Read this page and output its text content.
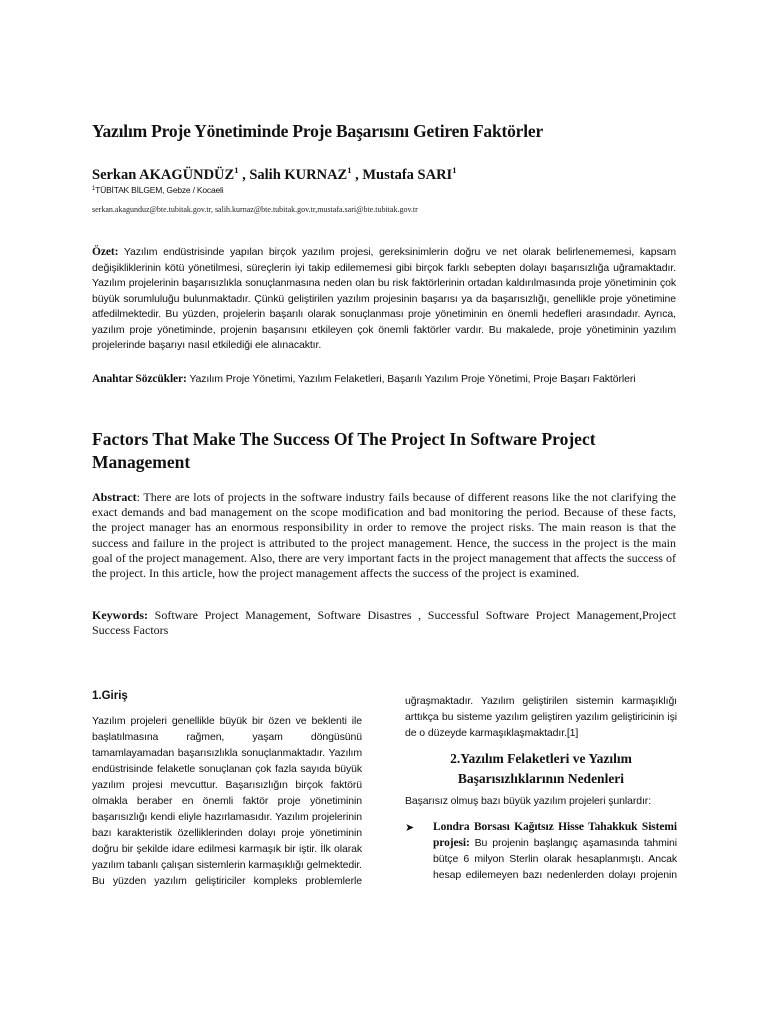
Yazılım Proje Yönetiminde Proje Başarısını Getiren Faktörler
Serkan AKAGÜNDÜZ$^1$ , Salih KURNAZ$^1$ , Mustafa SARI$^1$
$^1$TÜBİTAK BİLGEM, Gebze / Kocaeli
serkan.akagunduz@bte.tubitak.gov.tr, salih.kurnaz@bte.tubitak.gov.tr,mustafa.sari@bte.tubitak.gov.tr
Özet: Yazılım endüstrisinde yapılan birçok yazılım projesi, gereksinimlerin doğru ve net olarak belirlenememesi, kapsam değişikliklerinin kötü yönetilmesi, süreçlerin iyi takip edilememesi gibi birçok farklı sebepten dolayı başarısızlığa uğramaktadır. Yazılım projelerinin başarısızlıkla sonuçlanmasına neden olan bu risk faktörlerinin ortadan kaldırılmasında proje yönetiminin çok büyük sorumluluğu bulunmaktadır. Çünkü geliştirilen yazılım projesinin başarısı ya da başarısızlığı, genellikle proje yönetimine atfedilmektedir. Bu yüzden, projelerin başarılı olarak sonuçlanması proje yönetiminin en önemli hedefleri arasındadır. Ayrıca, yazılım proje yönetiminde, projenin başarısını etkileyen çok önemli faktörler vardır. Bu makalede, proje yönetiminin yazılım projelerinde başarıyı nasıl etkilediği ele alınacaktır.
Anahtar Sözcükler: Yazılım Proje Yönetimi, Yazılım Felaketleri, Başarılı Yazılım Proje Yönetimi, Proje Başarı Faktörleri
Factors That Make The Success Of The Project In Software Project Management
Abstract: There are lots of projects in the software industry fails because of different reasons like the not clarifying the exact demands and bad management on the scope modification and bad monitoring the period. Because of these facts, the project manager has an enormous responsibility in order to remove the project risks. The main reason is that the success and failure in the project is attributed to the project management. Hence, the success in the project is the main goal of the project management. Also, there are very important facts in the project management that affects the success of the project. In this article, how the project management affects the success of the project is examined.
Keywords: Software Project Management, Software Disastres , Successful Software Project Management,Project Success Factors
1.Giriş
Yazılım projeleri genellikle büyük bir özen ve beklenti ile başlatılmasına rağmen, yaşam döngüsünü tamamlayamadan başarısızlıkla sonuçlanmaktadır. Yazılım endüstrisinde felaketle sonuçlanan çok fazla sayıda büyük yazılım projesi mevcuttur. Başarısızlığın birçok faktörü olmakla beraber en önemli faktör proje yönetiminin başarısızlığı kendi eliyle hazırlamasıdır. Yazılım projelerinin bazı karakteristik özelliklerinden dolayı proje yönetiminin doğru bir şekilde idare edilmesi karmaşık bir iştir. İlk olarak yazılım tabanlı çalışan sistemlerin karmaşıklığı gelmektedir. Bu yüzden yazılım geliştiriciler kompleks problemlerle
uğraşmaktadır. Yazılım geliştirilen sistemin karmaşıklığı arttıkça bu sisteme yazılım geliştiren yazılım geliştiricinin işi de o düzeyde karmaşıklaşmaktadır.[1]
2.Yazılım Felaketleri ve Yazılım Başarısızlıklarının Nedenleri
Başarısız olmuş bazı büyük yazılım projeleri şunlardır:
➤	Londra Borsası Kağıtsız Hisse Tahakkuk Sistemi projesi: Bu projenin başlangıç aşamasında tahmini bütçe 6 milyon Sterlin olarak hesaplanmıştı. Ancak hesap edilemeyen bazı nedenlerden dolayı projenin
